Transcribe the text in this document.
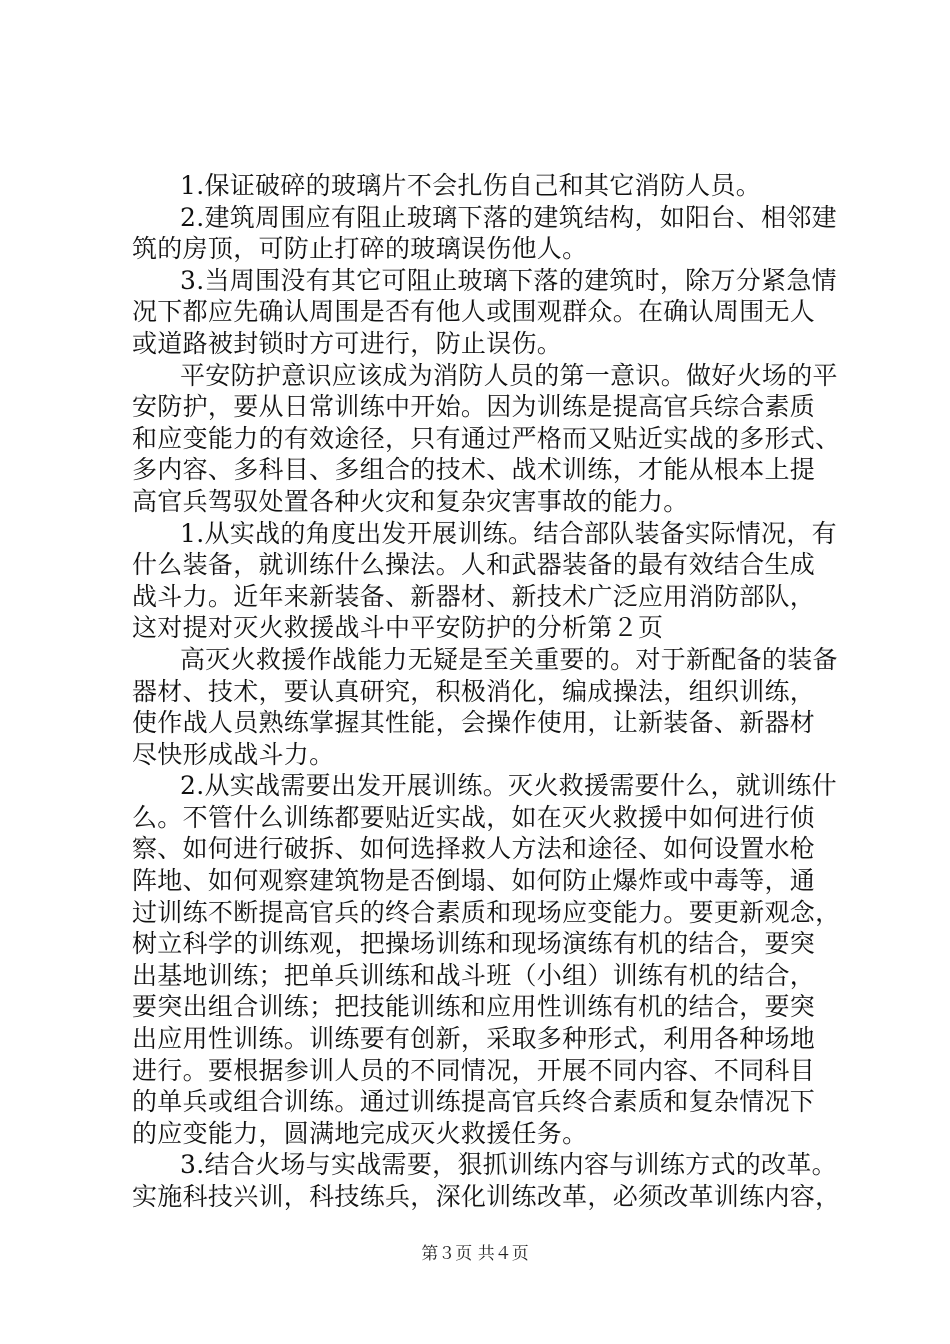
1.保证破碎的玻璃片不会扎伤自己和其它消防人员。
2.建筑周围应有阻止玻璃下落的建筑结构，如阳台、相邻建
筑的房顶，可防止打碎的玻璃误伤他人。
3.当周围没有其它可阻止玻璃下落的建筑时，除万分紧急情
况下都应先确认周围是否有他人或围观群众。在确认周围无人
或道路被封锁时方可进行，防止误伤。
平安防护意识应该成为消防人员的第一意识。做好火场的平
安防护，要从日常训练中开始。因为训练是提高官兵综合素质
和应变能力的有效途径，只有通过严格而又贴近实战的多形式、
多内容、多科目、多组合的技术、战术训练，才能从根本上提
高官兵驾驭处置各种火灾和复杂灾害事故的能力。
1.从实战的角度出发开展训练。结合部队装备实际情况，有
什么装备，就训练什么操法。人和武器装备的最有效结合生成
战斗力。近年来新装备、新器材、新技术广泛应用消防部队，
这对提对灭火救援战斗中平安防护的分析第２页
高灭火救援作战能力无疑是至关重要的。对于新配备的装备
器材、技术，要认真研究，积极消化，编成操法，组织训练，
使作战人员熟练掌握其性能，会操作使用，让新装备、新器材
尽快形成战斗力。
2.从实战需要出发开展训练。灭火救援需要什么，就训练什
么。不管什么训练都要贴近实战，如在灭火救援中如何进行侦
察、如何进行破拆、如何选择救人方法和途径、如何设置水枪
阵地、如何观察建筑物是否倒塌、如何防止爆炸或中毒等，通
过训练不断提高官兵的终合素质和现场应变能力。要更新观念，
树立科学的训练观，把操场训练和现场演练有机的结合，要突
出基地训练；把单兵训练和战斗班（小组）训练有机的结合，
要突出组合训练；把技能训练和应用性训练有机的结合，要突
出应用性训练。训练要有创新，采取多种形式，利用各种场地
进行。要根据参训人员的不同情况，开展不同内容、不同科目
的单兵或组合训练。通过训练提高官兵终合素质和复杂情况下
的应变能力，圆满地完成灭火救援任务。
3.结合火场与实战需要，狠抓训练内容与训练方式的改革。
实施科技兴训，科技练兵，深化训练改革，必须改革训练内容，
第３页 共４页
